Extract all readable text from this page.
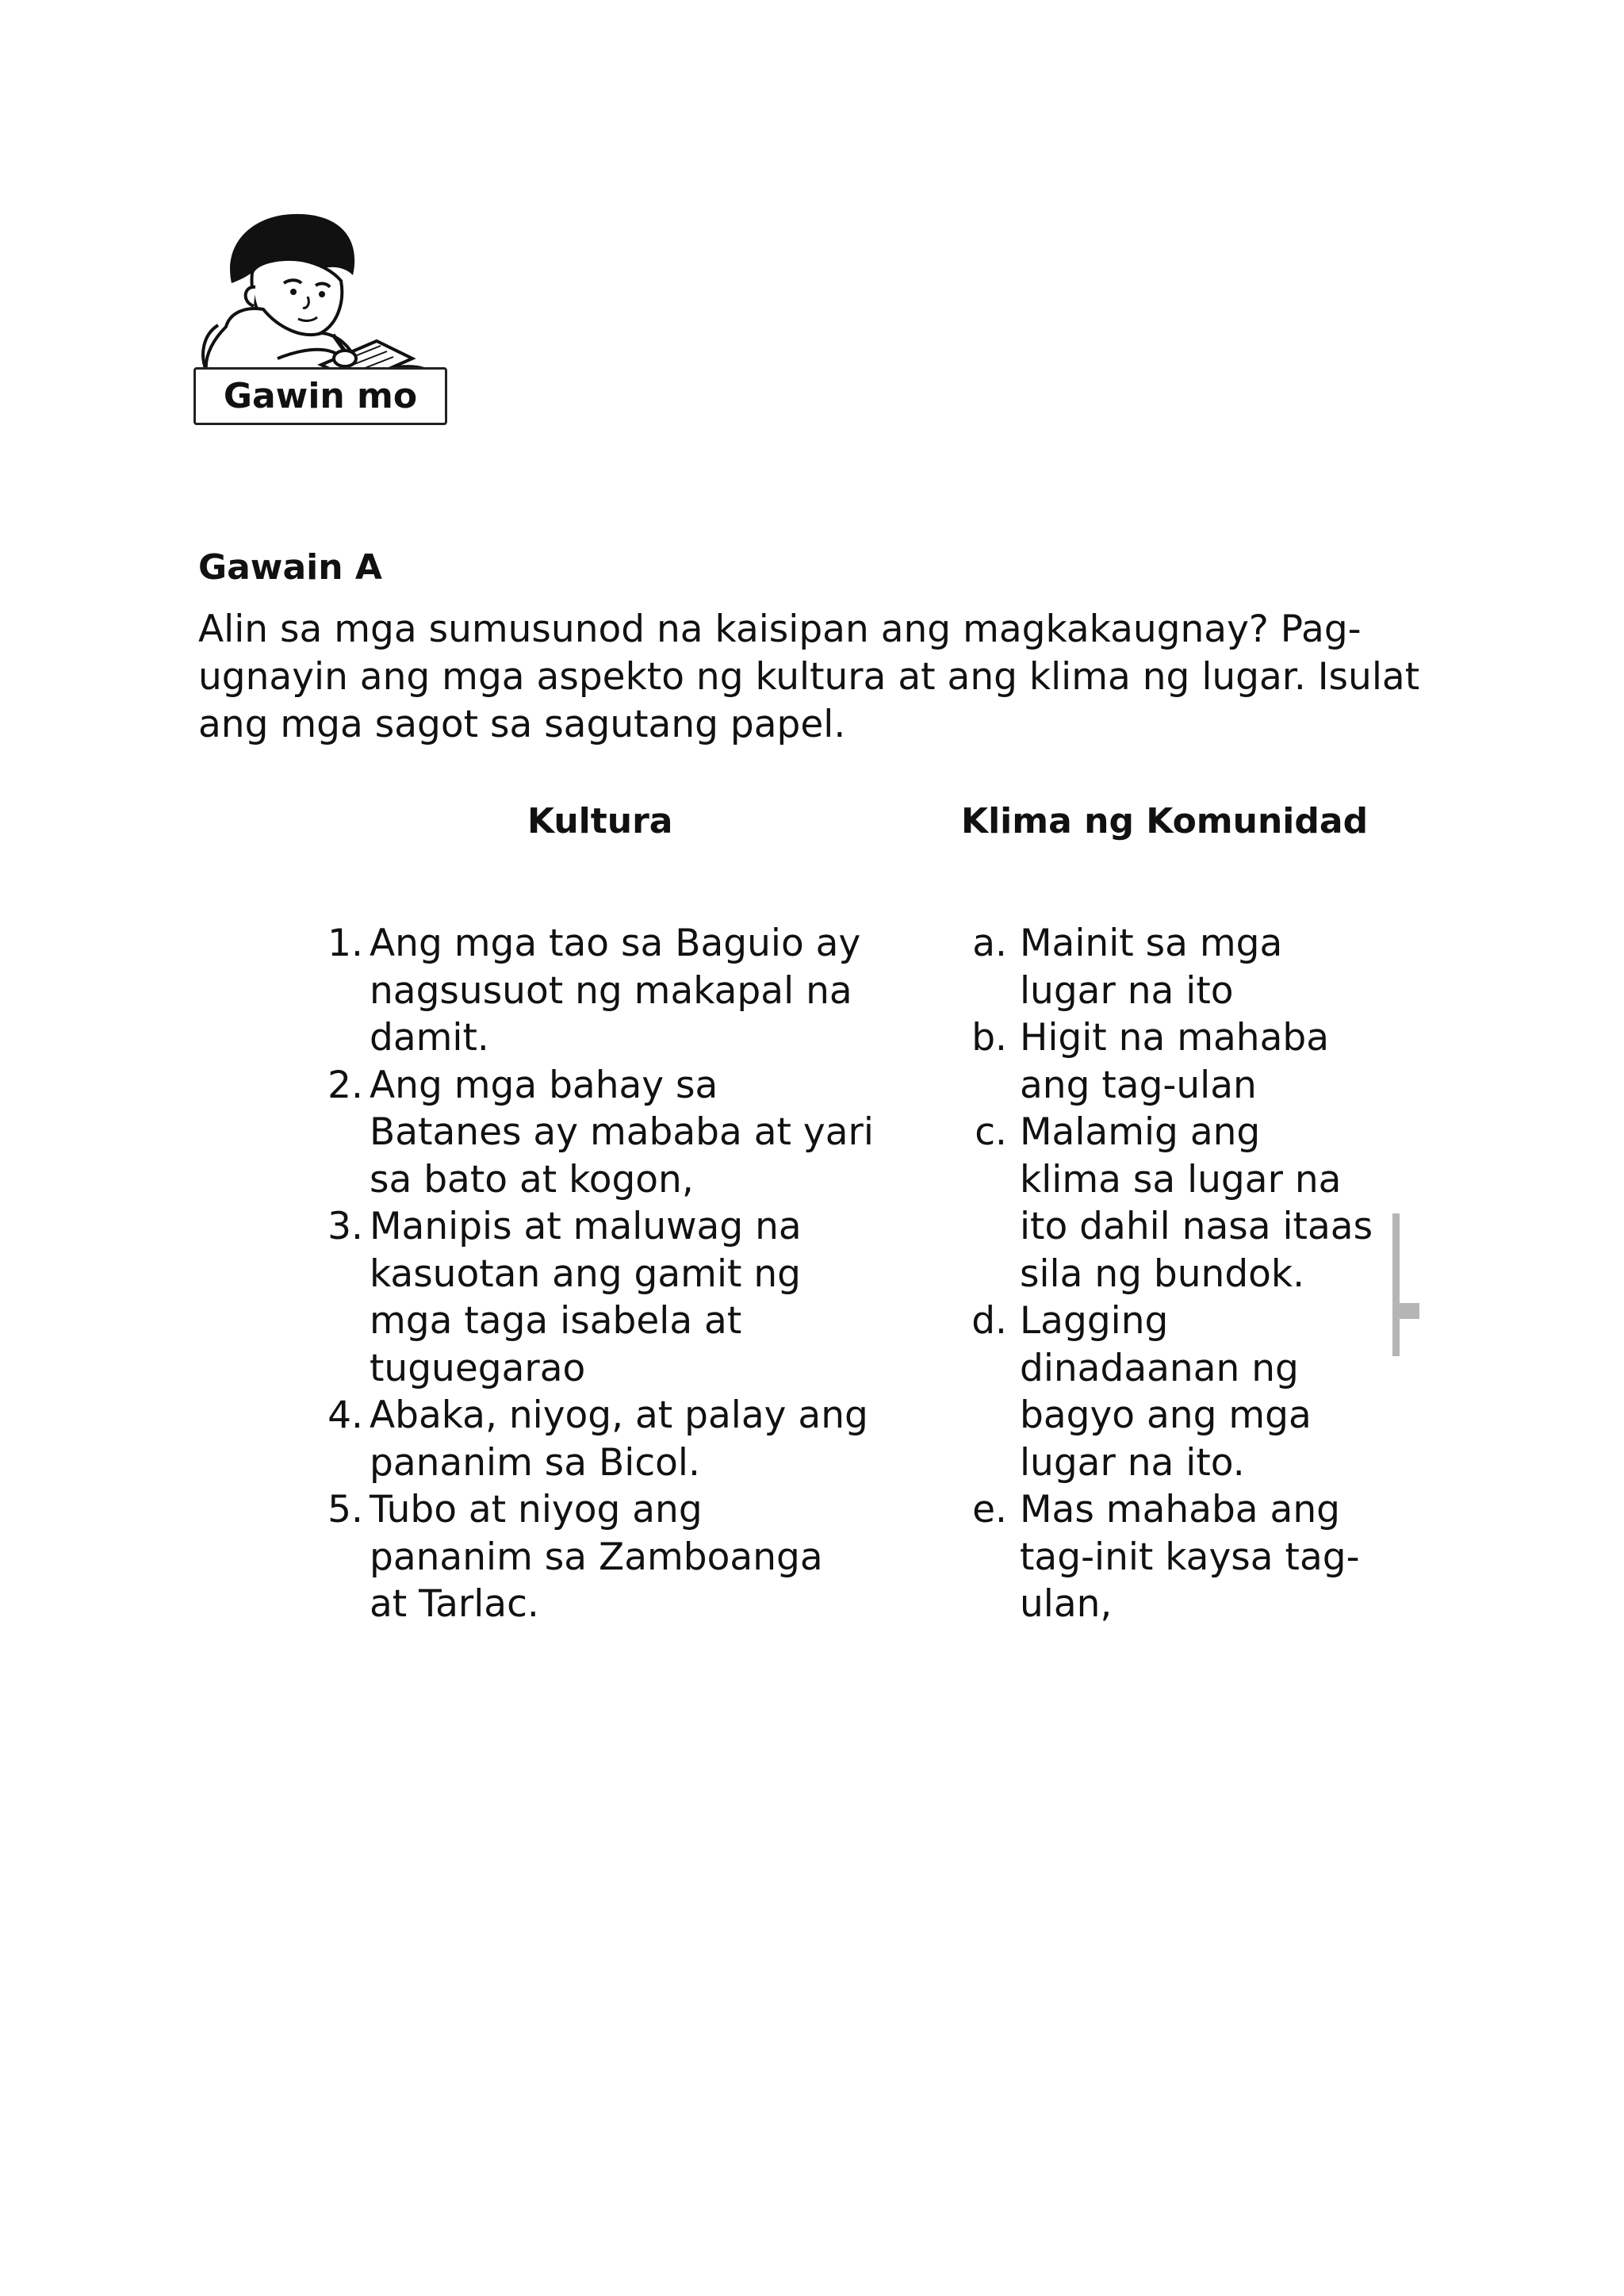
Gawin mo
Gawain A

Alin sa mga sumusunod na kaisipan ang magkakaugnay? Pag-
ugnayin ang mga aspekto ng kultura at ang klima ng lugar. Isulat
ang mga sagot sa sagutang papel.

Kultura	Klima ng Komunidad
1. Ang mga tao sa Baguio ay
nagsusuot ng makapal na
damit.
2. Ang mga bahay sa
Batanes ay mababa at yari
sa bato at kogon,
3. Manipis at maluwag na
kasuotan ang gamit ng
mga taga isabela at
tuguegarao
4. Abaka, niyog, at palay ang
pananim sa Bicol.
5. Tubo at niyog ang
pananim sa Zamboanga
at Tarlac.
a. Mainit sa mga
lugar na ito
b. Higit na mahaba
ang tag-ulan
c. Malamig ang
klima sa lugar na
ito dahil nasa itaas
sila ng bundok.
d. Lagging
dinadaanan ng
bagyo ang mga
lugar na ito.
e. Mas mahaba ang
tag-init kaysa tag-
ulan,
